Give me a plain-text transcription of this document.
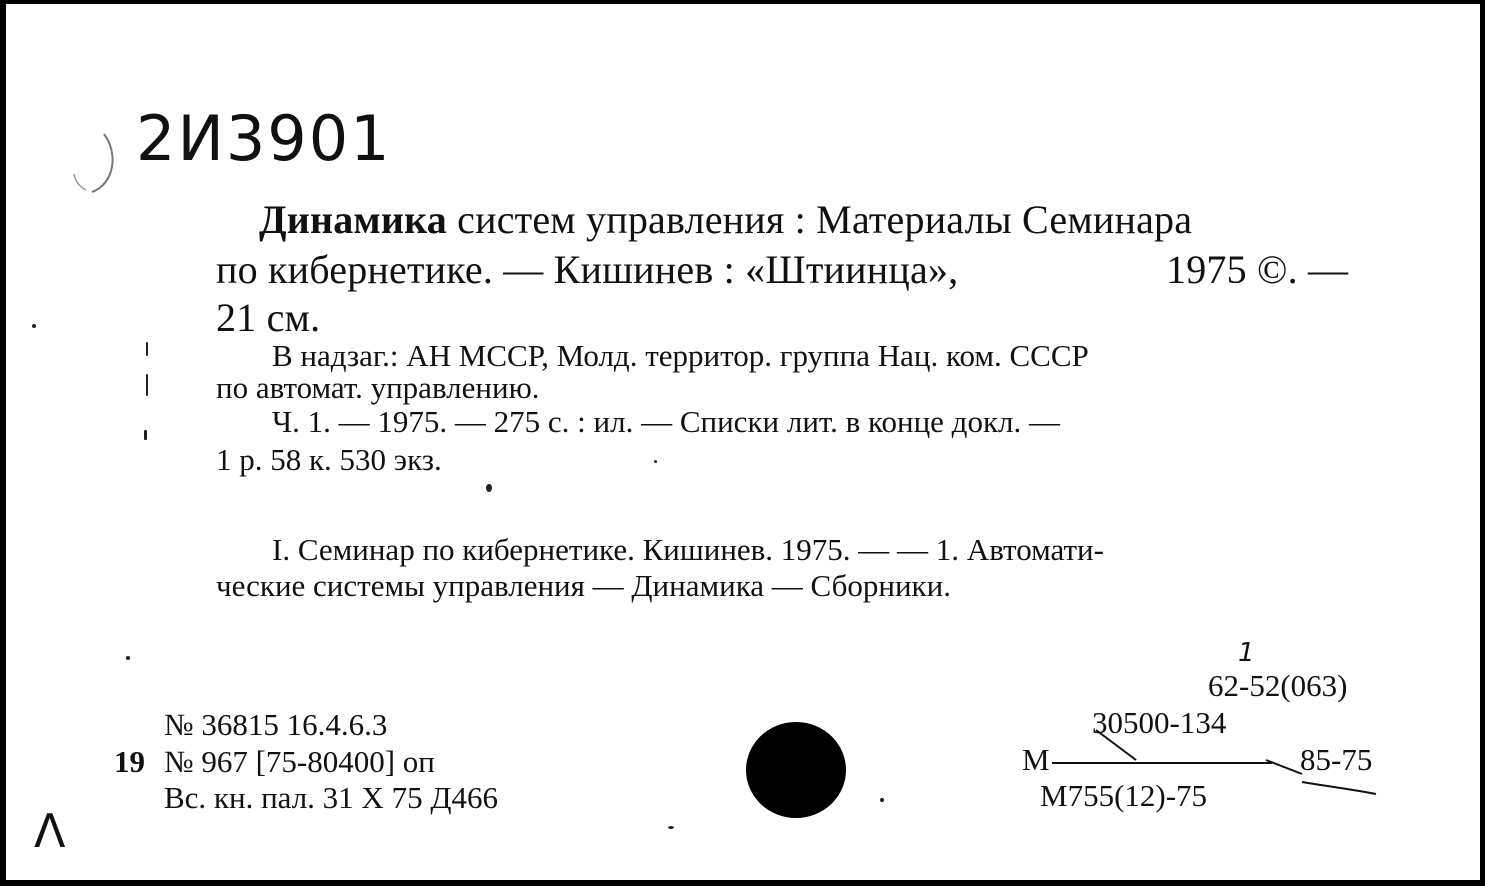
2И3901
Динамика систем управления : Материалы Семинара
по кибернетике. — Кишинев : «Штиинца»,	1975 ©. —
21 см.
В надзаг.: АН МССР, Молд. территор. группа Нац. ком. СССР
по автомат. управлению.
Ч. 1. — 1975. — 275 с. : ил. — Списки лит. в конце докл. —
1 р. 58 к. 530 экз.
I. Семинар по кибернетике. Кишинев. 1975. — — 1. Автомати-
ческие системы управления — Динамика — Сборники.
19
№ 36815 16.4.6.3
№ 967 [75-80400] оп
Вс. кн. пал. 31 Х 75 Д466
1
62-52(063)
30500-134
М	85-75
М755(12)-75
Λ
